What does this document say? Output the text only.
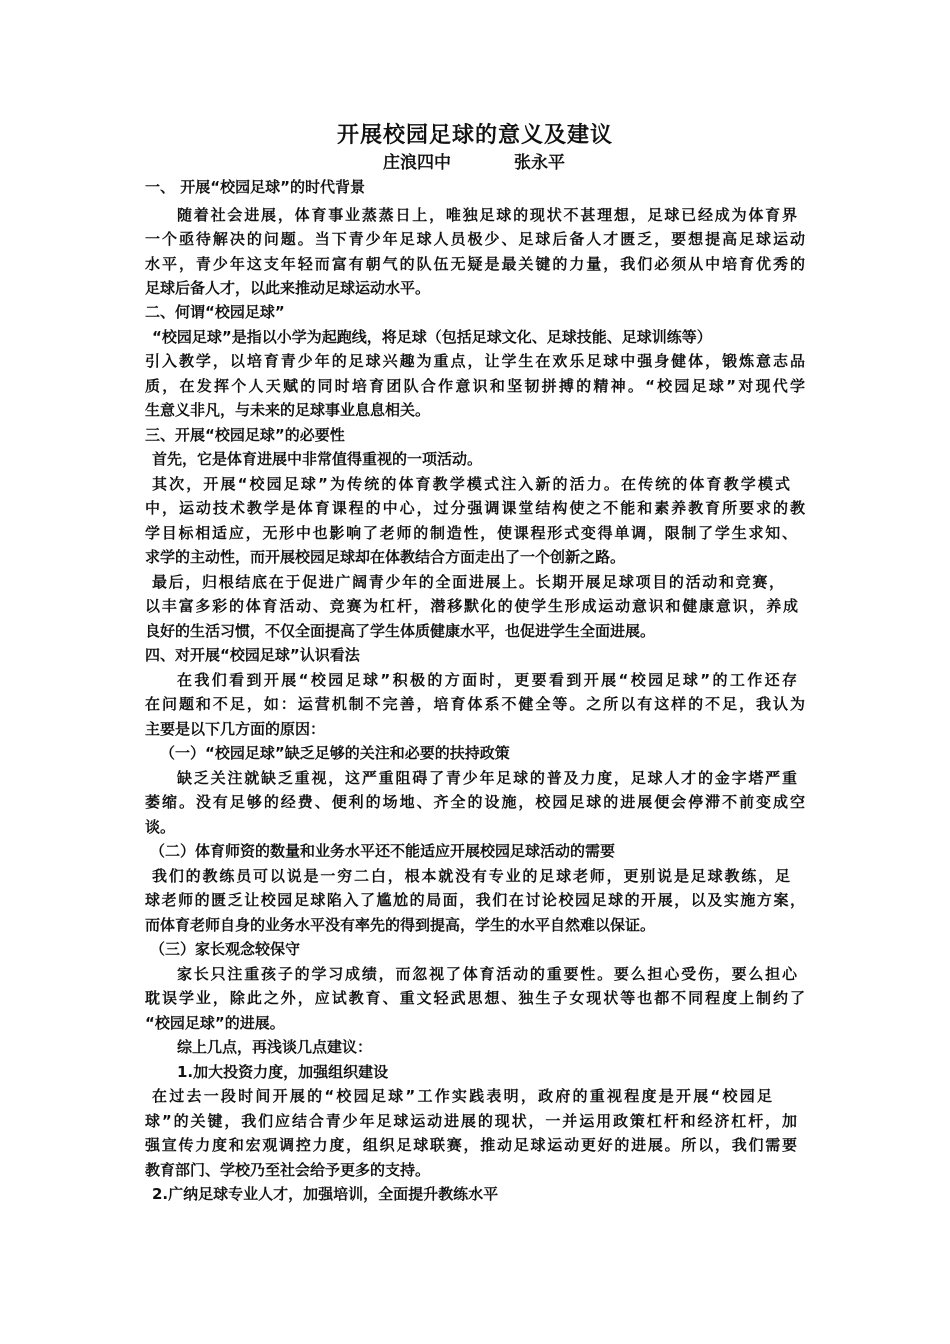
开展校园足球的意义及建议
庄浪四中	张永平
一、 开展“校园足球”的时代背景
随着社会进展，体育事业蒸蒸日上，唯独足球的现状不甚理想，足球已经成为体育界
一个亟待解决的问题。当下青少年足球人员极少、足球后备人才匮乏，要想提高足球运动
水平，青少年这支年轻而富有朝气的队伍无疑是最关键的力量，我们必须从中培育优秀的
足球后备人才，以此来推动足球运动水平。
二、何谓“校园足球”
“校园足球”是指以小学为起跑线，将足球（包括足球文化、足球技能、足球训练等）
引入教学，以培育青少年的足球兴趣为重点，让学生在欢乐足球中强身健体，锻炼意志品
质，在发挥个人天赋的同时培育团队合作意识和坚韧拼搏的精神。“校园足球”对现代学
生意义非凡，与未来的足球事业息息相关。
三、开展“校园足球”的必要性
首先，它是体育进展中非常值得重视的一项活动。
其次，开展“校园足球”为传统的体育教学模式注入新的活力。在传统的体育教学模式
中，运动技术教学是体育课程的中心，过分强调课堂结构使之不能和素养教育所要求的教
学目标相适应，无形中也影响了老师的制造性，使课程形式变得单调，限制了学生求知、
求学的主动性，而开展校园足球却在体教结合方面走出了一个创新之路。
最后，归根结底在于促进广阔青少年的全面进展上。长期开展足球项目的活动和竞赛，
以丰富多彩的体育活动、竞赛为杠杆，潜移默化的使学生形成运动意识和健康意识，养成
良好的生活习惯，不仅全面提高了学生体质健康水平，也促进学生全面进展。
四、对开展“校园足球”认识看法
在我们看到开展“校园足球”积极的方面时，更要看到开展“校园足球”的工作还存
在问题和不足，如：运营机制不完善，培育体系不健全等。之所以有这样的不足，我认为
主要是以下几方面的原因：
（一）“校园足球”缺乏足够的关注和必要的扶持政策
缺乏关注就缺乏重视，这严重阻碍了青少年足球的普及力度，足球人才的金字塔严重
萎缩。没有足够的经费、便利的场地、齐全的设施，校园足球的进展便会停滞不前变成空
谈。
（二）体育师资的数量和业务水平还不能适应开展校园足球活动的需要
我们的教练员可以说是一穷二白，根本就没有专业的足球老师，更别说是足球教练，足
球老师的匮乏让校园足球陷入了尴尬的局面，我们在讨论校园足球的开展，以及实施方案，
而体育老师自身的业务水平没有率先的得到提高，学生的水平自然难以保证。
（三）家长观念较保守
家长只注重孩子的学习成绩，而忽视了体育活动的重要性。要么担心受伤，要么担心
耽误学业，除此之外，应试教育、重文轻武思想、独生子女现状等也都不同程度上制约了
“校园足球”的进展。
综上几点，再浅谈几点建议：
1.加大投资力度，加强组织建设
在过去一段时间开展的“校园足球”工作实践表明，政府的重视程度是开展“校园足
球”的关键，我们应结合青少年足球运动进展的现状，一并运用政策杠杆和经济杠杆，加
强宣传力度和宏观调控力度，组织足球联赛，推动足球运动更好的进展。所以，我们需要
教育部门、学校乃至社会给予更多的支持。
2.广纳足球专业人才，加强培训，全面提升教练水平
